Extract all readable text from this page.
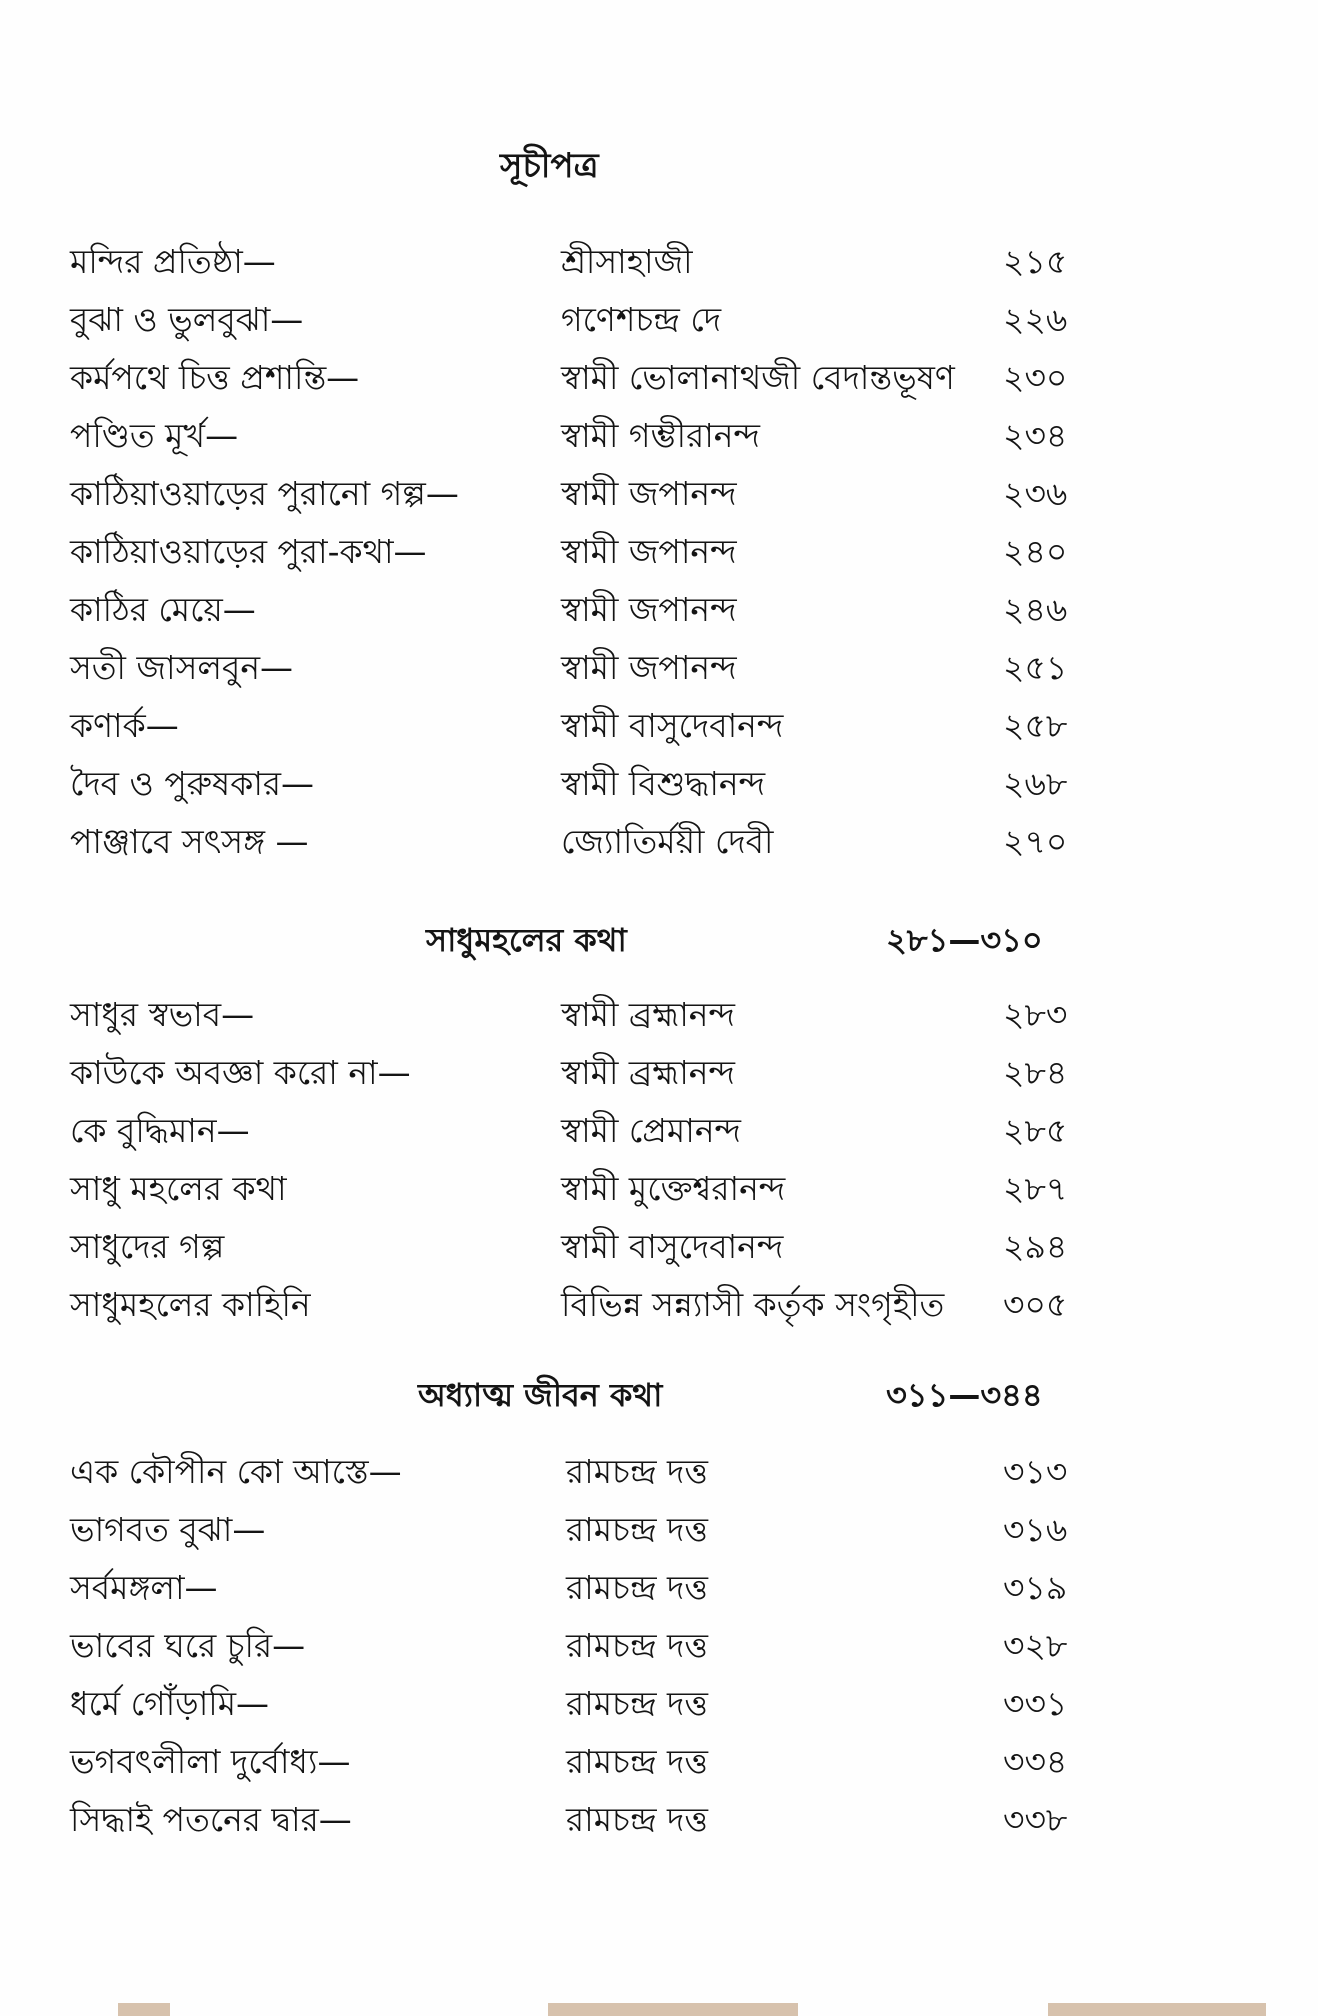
সূচীপত্র
মন্দির প্রতিষ্ঠা—	শ্রীসাহাজী	২১৫
বুঝা ও ভুলবুঝা—	গণেশচন্দ্র দে	২২৬
কর্মপথে চিত্ত প্রশান্তি—	স্বামী ভোলানাথজী বেদান্তভূষণ ২৩০
পণ্ডিত মূর্খ—	স্বামী গম্ভীরানন্দ	২৩৪
কাঠিয়াওয়াড়ের পুরানো গল্প—	স্বামী জপানন্দ	২৩৬
কাঠিয়াওয়াড়ের পুরা-কথা—	স্বামী জপানন্দ	২৪০
কাঠির মেয়ে—	স্বামী জপানন্দ	২৪৬
সতী জাসলবুন—	স্বামী জপানন্দ	২৫১
কণার্ক—	স্বামী বাসুদেবানন্দ	২৫৮
দৈব ও পুরুষকার—	স্বামী বিশুদ্ধানন্দ	২৬৮
পাঞ্জাবে সৎসঙ্গ —	জ্যোতির্ময়ী দেবী	২৭০
সাধুমহলের কথা	২৮১—৩১০
সাধুর স্বভাব—	স্বামী ব্রহ্মানন্দ	২৮৩
কাউকে অবজ্ঞা করো না—	স্বামী ব্রহ্মানন্দ	২৮৪
কে বুদ্ধিমান—	স্বামী প্রেমানন্দ	২৮৫
সাধু মহলের কথা	স্বামী মুক্তেশ্বরানন্দ	২৮৭
সাধুদের গল্প	স্বামী বাসুদেবানন্দ	২৯৪
সাধুমহলের কাহিনি	বিভিন্ন সন্ন্যাসী কর্তৃক সংগৃহীত ৩০৫
অধ্যাত্ম জীবন কথা	৩১১—৩৪৪
এক কৌপীন কো আস্তে—	রামচন্দ্র দত্ত	৩১৩
ভাগবত বুঝা—	রামচন্দ্র দত্ত	৩১৬
সর্বমঙ্গলা—	রামচন্দ্র দত্ত	৩১৯
ভাবের ঘরে চুরি—	রামচন্দ্র দত্ত	৩২৮
ধর্মে গোঁড়ামি—	রামচন্দ্র দত্ত	৩৩১
ভগবৎলীলা দুর্বোধ্য—	রামচন্দ্র দত্ত	৩৩৪
সিদ্ধাই পতনের দ্বার—	রামচন্দ্র দত্ত	৩৩৮
